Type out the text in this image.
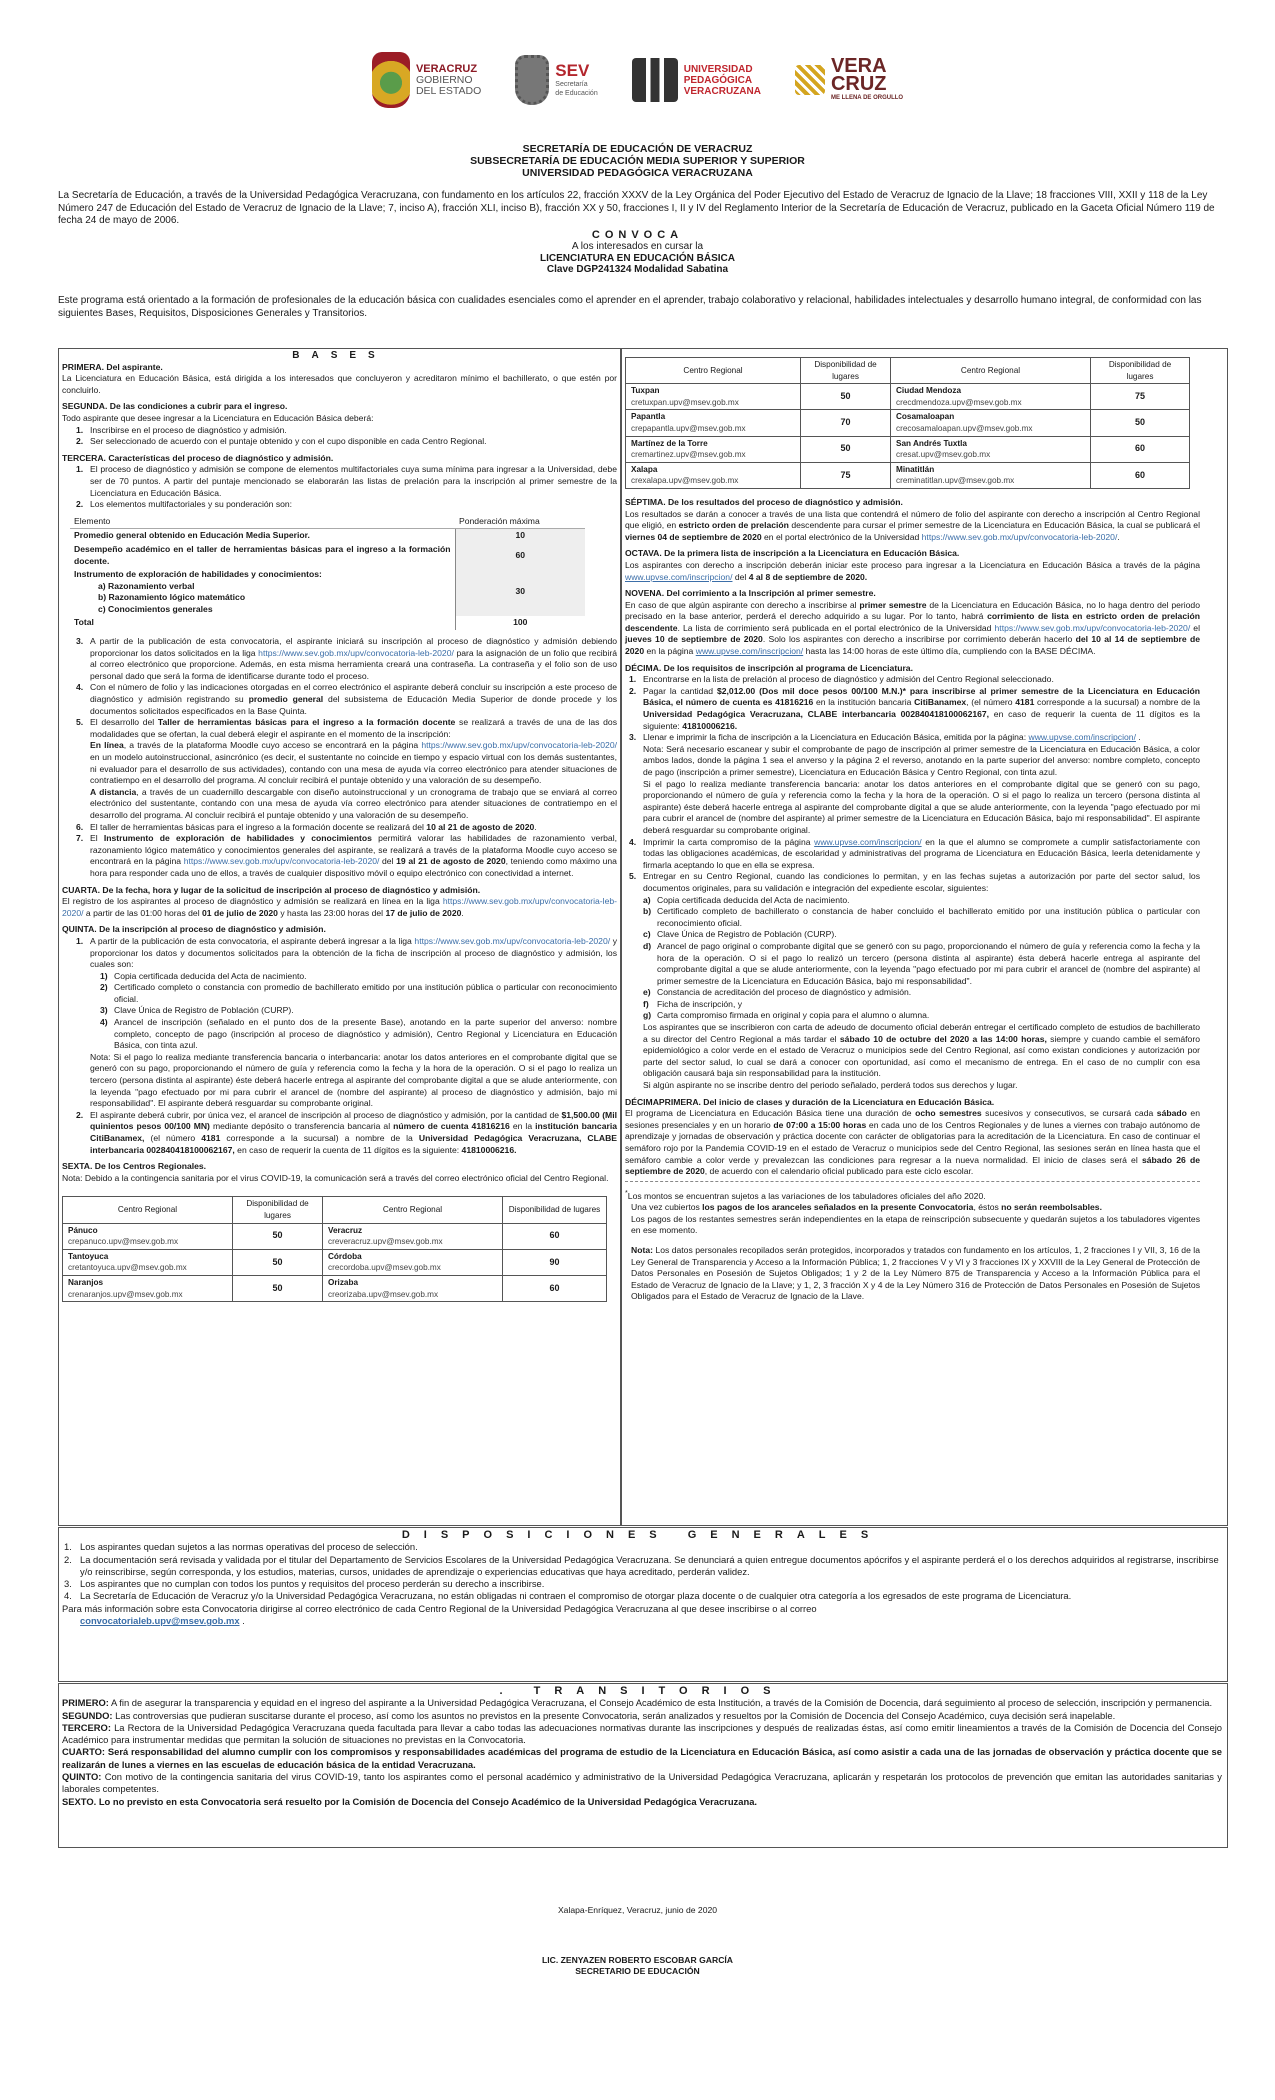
VERACRUZ
GOBIERNO
DEL ESTADO
SEV
Secretaría
de Educación
UNIVERSIDAD
PEDAGÓGICA
VERACRUZANA
VERA
CRUZ
ME LLENA DE ORGULLO
SECRETARÍA DE EDUCACIÓN DE VERACRUZ
SUBSECRETARÍA DE EDUCACIÓN MEDIA SUPERIOR Y SUPERIOR
UNIVERSIDAD PEDAGÓGICA VERACRUZANA

La Secretaría de Educación, a través de la Universidad Pedagógica Veracruzana, con fundamento en los artículos 22, fracción XXXV de la Ley Orgánica del Poder Ejecutivo del Estado de Veracruz de Ignacio de la Llave; 18 fracciones VIII, XXII y 118 de la Ley Número 247 de Educación del Estado de Veracruz de Ignacio de la Llave; 7, inciso A), fracción XLI, inciso B), fracción XX y 50, fracciones I, II y IV del Reglamento Interior de la Secretaría de Educación de Veracruz, publicado en la Gaceta Oficial Número 119 de fecha 24 de mayo de 2006.

CONVOCA
A los interesados en cursar la
LICENCIATURA EN EDUCACIÓN BÁSICA
Clave DGP241324 Modalidad Sabatina

Este programa está orientado a la formación de profesionales de la educación básica con cualidades esenciales como el aprender en el aprender, trabajo colaborativo y relacional, habilidades intelectuales y desarrollo humano integral, de conformidad con las siguientes Bases, Requisitos, Disposiciones Generales y Transitorios.

BASES
PRIMERA. Del aspirante.

La Licenciatura en Educación Básica, está dirigida a los interesados que concluyeron y acreditaron mínimo el bachillerato, o que estén por concluirlo.

SEGUNDA. De las condiciones a cubrir para el ingreso.

Todo aspirante que desee ingresar a la Licenciatura en Educación Básica deberá:

1. Inscribirse en el proceso de diagnóstico y admisión.
2. Ser seleccionado de acuerdo con el puntaje obtenido y con el cupo disponible en cada Centro Regional.
TERCERA. Características del proceso de diagnóstico y admisión.
1. El proceso de diagnóstico y admisión se compone de elementos multifactoriales cuya suma mínima para ingresar a la Universidad, debe ser de 70 puntos. A partir del puntaje mencionado se elaborarán las listas de prelación para la inscripción al primer semestre de la Licenciatura en Educación Básica.
2. Los elementos multifactoriales y su ponderación son:
Elemento	Ponderación máxima
Promedio general obtenido en Educación Media Superior.	10
Desempeño académico en el taller de herramientas básicas para el ingreso a la formación docente.	60

Instrumento de exploración de habilidades y conocimientos:
a) Razonamiento verbal
b) Razonamiento lógico matemático
c) Conocimientos generales	30
Total	100
3. A partir de la publicación de esta convocatoria, el aspirante iniciará su inscripción al proceso de diagnóstico y admisión debiendo proporcionar los datos solicitados en la liga https://www.sev.gob.mx/upv/convocatoria-leb-2020/ para la asignación de un folio que recibirá al correo electrónico que proporcione. Además, en esta misma herramienta creará una contraseña. La contraseña y el folio son de uso personal dado que será la forma de identificarse durante todo el proceso.
4. Con el número de folio y las indicaciones otorgadas en el correo electrónico el aspirante deberá concluir su inscripción a este proceso de diagnóstico y admisión registrando su promedio general del subsistema de Educación Media Superior de donde procede y los documentos solicitados especificados en la Base Quinta.
5. El desarrollo del Taller de herramientas básicas para el ingreso a la formación docente se realizará a través de una de las dos modalidades que se ofertan, la cual deberá elegir el aspirante en el momento de la inscripción:
En línea, a través de la plataforma Moodle cuyo acceso se encontrará en la página https://www.sev.gob.mx/upv/convocatoria-leb-2020/ en un modelo autoinstruccional, asincrónico (es decir, el sustentante no coincide en tiempo y espacio virtual con los demás sustentantes, ni evaluador para el desarrollo de sus actividades), contando con una mesa de ayuda vía correo electrónico para atender situaciones de contratiempo en el desarrollo del programa. Al concluir recibirá el puntaje obtenido y una valoración de su desempeño.
A distancia, a través de un cuadernillo descargable con diseño autoinstruccional y un cronograma de trabajo que se enviará al correo electrónico del sustentante, contando con una mesa de ayuda vía correo electrónico para atender situaciones de contratiempo en el desarrollo del programa. Al concluir recibirá el puntaje obtenido y una valoración de su desempeño.
6. El taller de herramientas básicas para el ingreso a la formación docente se realizará del 10 al 21 de agosto de 2020.
7. El Instrumento de exploración de habilidades y conocimientos permitirá valorar las habilidades de razonamiento verbal, razonamiento lógico matemático y conocimientos generales del aspirante, se realizará a través de la plataforma Moodle cuyo acceso se encontrará en la página https://www.sev.gob.mx/upv/convocatoria-leb-2020/ del 19 al 21 de agosto de 2020, teniendo como máximo una hora para responder cada uno de ellos, a través de cualquier dispositivo móvil o equipo electrónico con conectividad a internet.
CUARTA. De la fecha, hora y lugar de la solicitud de inscripción al proceso de diagnóstico y admisión.

El registro de los aspirantes al proceso de diagnóstico y admisión se realizará en línea en la liga https://www.sev.gob.mx/upv/convocatoria-leb-2020/ a partir de las 01:00 horas del 01 de julio de 2020 y hasta las 23:00 horas del 17 de julio de 2020.

QUINTA. De la inscripción al proceso de diagnóstico y admisión.
1. A partir de la publicación de esta convocatoria, el aspirante deberá ingresar a la liga https://www.sev.gob.mx/upv/convocatoria-leb-2020/ y proporcionar los datos y documentos solicitados para la obtención de la ficha de inscripción al proceso de diagnóstico y admisión, los cuales son:
1) Copia certificada deducida del Acta de nacimiento.
2) Certificado completo o constancia con promedio de bachillerato emitido por una institución pública o particular con reconocimiento oficial.
3) Clave Única de Registro de Población (CURP).
4) Arancel de inscripción (señalado en el punto dos de la presente Base), anotando en la parte superior del anverso: nombre completo, concepto de pago (inscripción al proceso de diagnóstico y admisión), Centro Regional y Licenciatura en Educación Básica, con tinta azul.

Nota: Si el pago lo realiza mediante transferencia bancaria o interbancaria: anotar los datos anteriores en el comprobante digital que se generó con su pago, proporcionando el número de guía y referencia como la fecha y la hora de la operación. O si el pago lo realiza un tercero (persona distinta al aspirante) éste deberá hacerle entrega al aspirante del comprobante digital a que se alude anteriormente, con la leyenda "pago efectuado por mi para cubrir el arancel de (nombre del aspirante) al proceso de diagnóstico y admisión, bajo mi responsabilidad". El aspirante deberá resguardar su comprobante original.

2. El aspirante deberá cubrir, por única vez, el arancel de inscripción al proceso de diagnóstico y admisión, por la cantidad de $1,500.00 (Mil quinientos pesos 00/100 MN) mediante depósito o transferencia bancaria al número de cuenta 41816216 en la institución bancaria CitiBanamex, (el número 4181 corresponde a la sucursal) a nombre de la Universidad Pedagógica Veracruzana, CLABE interbancaria 002840418100062167, en caso de requerir la cuenta de 11 dígitos es la siguiente: 41810006216.
SEXTA. De los Centros Regionales.

Nota: Debido a la contingencia sanitaria por el virus COVID-19, la comunicación será a través del correo electrónico oficial del Centro Regional.

Centro Regional	Disponibilidad de lugares	Centro Regional	Disponibilidad de lugares

Pánuco
crepanuco.upv@msev.gob.mx	50	Veracruz
creveracruz.upv@msev.gob.mx	60

Tantoyuca
cretantoyuca.upv@msev.gob.mx	50	Córdoba
crecordoba.upv@msev.gob.mx	90

Naranjos
crenaranjos.upv@msev.gob.mx	50	Orizaba
creorizaba.upv@msev.gob.mx	60
Centro Regional	Disponibilidad de lugares	Centro Regional	Disponibilidad de lugares

Tuxpan
cretuxpan.upv@msev.gob.mx	50	Ciudad Mendoza
crecdmendoza.upv@msev.gob.mx	75

Papantla
crepapantla.upv@msev.gob.mx	70	Cosamaloapan
crecosamaloapan.upv@msev.gob.mx	50

Martínez de la Torre
cremartinez.upv@msev.gob.mx	50	San Andrés Tuxtla
cresat.upv@msev.gob.mx	60

Xalapa
crexalapa.upv@msev.gob.mx	75	Minatitlán
creminatitlan.upv@msev.gob.mx	60
SÉPTIMA. De los resultados del proceso de diagnóstico y admisión.

Los resultados se darán a conocer a través de una lista que contendrá el número de folio del aspirante con derecho a inscripción al Centro Regional que eligió, en estricto orden de prelación descendente para cursar el primer semestre de la Licenciatura en Educación Básica, la cual se publicará el viernes 04 de septiembre de 2020 en el portal electrónico de la Universidad https://www.sev.gob.mx/upv/convocatoria-leb-2020/.

OCTAVA. De la primera lista de inscripción a la Licenciatura en Educación Básica.

Los aspirantes con derecho a inscripción deberán iniciar este proceso para ingresar a la Licenciatura en Educación Básica a través de la página www.upvse.com/inscripcion/ del 4 al 8 de septiembre de 2020.

NOVENA. Del corrimiento a la Inscripción al primer semestre.

En caso de que algún aspirante con derecho a inscribirse al primer semestre de la Licenciatura en Educación Básica, no lo haga dentro del periodo precisado en la base anterior, perderá el derecho adquirido a su lugar. Por lo tanto, habrá corrimiento de lista en estricto orden de prelación descendente. La lista de corrimiento será publicada en el portal electrónico de la Universidad https://www.sev.gob.mx/upv/convocatoria-leb-2020/ el jueves 10 de septiembre de 2020. Solo los aspirantes con derecho a inscribirse por corrimiento deberán hacerlo del 10 al 14 de septiembre de 2020 en la página www.upvse.com/inscripcion/ hasta las 14:00 horas de este último día, cumpliendo con la BASE DÉCIMA.

DÉCIMA. De los requisitos de inscripción al programa de Licenciatura.
1. Encontrarse en la lista de prelación al proceso de diagnóstico y admisión del Centro Regional seleccionado.
2. Pagar la cantidad $2,012.00 (Dos mil doce pesos 00/100 M.N.)* para inscribirse al primer semestre de la Licenciatura en Educación Básica, el número de cuenta es 41816216 en la institución bancaria CitiBanamex, (el número 4181 corresponde a la sucursal) a nombre de la Universidad Pedagógica Veracruzana, CLABE interbancaria 002840418100062167, en caso de requerir la cuenta de 11 dígitos es la siguiente: 41810006216.
3. Llenar e imprimir la ficha de inscripción a la Licenciatura en Educación Básica, emitida por la página: www.upvse.com/inscripcion/ .
Nota: Será necesario escanear y subir el comprobante de pago de inscripción al primer semestre de la Licenciatura en Educación Básica, a color ambos lados, donde la página 1 sea el anverso y la página 2 el reverso, anotando en la parte superior del anverso: nombre completo, concepto de pago (inscripción a primer semestre), Licenciatura en Educación Básica y Centro Regional, con tinta azul.
Si el pago lo realiza mediante transferencia bancaria: anotar los datos anteriores en el comprobante digital que se generó con su pago, proporcionando el número de guía y referencia como la fecha y la hora de la operación. O si el pago lo realiza un tercero (persona distinta al aspirante) éste deberá hacerle entrega al aspirante del comprobante digital a que se alude anteriormente, con la leyenda "pago efectuado por mi para cubrir el arancel de (nombre del aspirante) al primer semestre de la Licenciatura en Educación Básica, bajo mi responsabilidad". El aspirante deberá resguardar su comprobante original.
4. Imprimir la carta compromiso de la página www.upvse.com/inscripcion/ en la que el alumno se compromete a cumplir satisfactoriamente con todas las obligaciones académicas, de escolaridad y administrativas del programa de Licenciatura en Educación Básica, leerla detenidamente y firmarla aceptando lo que en ella se expresa.
5. Entregar en su Centro Regional, cuando las condiciones lo permitan, y en las fechas sujetas a autorización por parte del sector salud, los documentos originales, para su validación e integración del expediente escolar, siguientes:
a) Copia certificada deducida del Acta de nacimiento.
b) Certificado completo de bachillerato o constancia de haber concluido el bachillerato emitido por una institución pública o particular con reconocimiento oficial.
c) Clave Única de Registro de Población (CURP).
d) Arancel de pago original o comprobante digital que se generó con su pago, proporcionando el número de guía y referencia como la fecha y la hora de la operación. O si el pago lo realizó un tercero (persona distinta al aspirante) ésta deberá hacerle entrega al aspirante del comprobante digital a que se alude anteriormente, con la leyenda "pago efectuado por mi para cubrir el arancel de (nombre del aspirante) al primer semestre de la Licenciatura en Educación Básica, bajo mi responsabilidad".
e) Constancia de acreditación del proceso de diagnóstico y admisión.
f) Ficha de inscripción, y
g) Carta compromiso firmada en original y copia para el alumno o alumna.

Los aspirantes que se inscribieron con carta de adeudo de documento oficial deberán entregar el certificado completo de estudios de bachillerato a su director del Centro Regional a más tardar el sábado 10 de octubre del 2020 a las 14:00 horas, siempre y cuando cambie el semáforo epidemiológico a color verde en el estado de Veracruz o municipios sede del Centro Regional, así como existan condiciones y autorización por parte del sector salud, lo cual se dará a conocer con oportunidad, así como el mecanismo de entrega. En el caso de no cumplir con esa obligación causará baja sin responsabilidad para la institución.

Si algún aspirante no se inscribe dentro del periodo señalado, perderá todos sus derechos y lugar.

DÉCIMAPRIMERA. Del inicio de clases y duración de la Licenciatura en Educación Básica.

El programa de Licenciatura en Educación Básica tiene una duración de ocho semestres sucesivos y consecutivos, se cursará cada sábado en sesiones presenciales y en un horario de 07:00 a 15:00 horas en cada uno de los Centros Regionales y de lunes a viernes con trabajo autónomo de aprendizaje y jornadas de observación y práctica docente con carácter de obligatorias para la acreditación de la Licenciatura. En caso de continuar el semáforo rojo por la Pandemia COVID-19 en el estado de Veracruz o municipios sede del Centro Regional, las sesiones serán en línea hasta que el semáforo cambie a color verde y prevalezcan las condiciones para regresar a la nueva normalidad. El inicio de clases será el sábado 26 de septiembre de 2020, de acuerdo con el calendario oficial publicado para este ciclo escolar.

*Los montos se encuentran sujetos a las variaciones de los tabuladores oficiales del año 2020.
Una vez cubiertos los pagos de los aranceles señalados en la presente Convocatoria, éstos no serán reembolsables.
Los pagos de los restantes semestres serán independientes en la etapa de reinscripción subsecuente y quedarán sujetos a los tabuladores vigentes en ese momento.

Nota: Los datos personales recopilados serán protegidos, incorporados y tratados con fundamento en los artículos, 1, 2 fracciones I y VII, 3, 16 de la Ley General de Transparencia y Acceso a la Información Pública; 1, 2 fracciones V y VI y 3 fracciones IX y XXVIII de la Ley General de Protección de Datos Personales en Posesión de Sujetos Obligados; 1 y 2 de la Ley Número 875 de Transparencia y Acceso a la Información Pública para el Estado de Veracruz de Ignacio de la Llave; y 1, 2, 3 fracción X y 4 de la Ley Número 316 de Protección de Datos Personales en Posesión de Sujetos Obligados para el Estado de Veracruz de Ignacio de la Llave.

DISPOSICIONES GENERALES
1. Los aspirantes quedan sujetos a las normas operativas del proceso de selección.
2. La documentación será revisada y validada por el titular del Departamento de Servicios Escolares de la Universidad Pedagógica Veracruzana. Se denunciará a quien entregue documentos apócrifos y el aspirante perderá el o los derechos adquiridos al registrarse, inscribirse y/o reinscribirse, según corresponda, y los estudios, materias, cursos, unidades de aprendizaje o experiencias educativas que haya acreditado, perderán validez.
3. Los aspirantes que no cumplan con todos los puntos y requisitos del proceso perderán su derecho a inscribirse.
4. La Secretaría de Educación de Veracruz y/o la Universidad Pedagógica Veracruzana, no están obligadas ni contraen el compromiso de otorgar plaza docente o de cualquier otra categoría a los egresados de este programa de Licenciatura.

Para más información sobre esta Convocatoria dirigirse al correo electrónico de cada Centro Regional de la Universidad Pedagógica Veracruzana al que desee inscribirse o al correo
convocatorialeb.upv@msev.gob.mx .

. TRANSITORIOS

PRIMERO: A fin de asegurar la transparencia y equidad en el ingreso del aspirante a la Universidad Pedagógica Veracruzana, el Consejo Académico de esta Institución, a través de la Comisión de Docencia, dará seguimiento al proceso de selección, inscripción y permanencia.

SEGUNDO: Las controversias que pudieran suscitarse durante el proceso, así como los asuntos no previstos en la presente Convocatoria, serán analizados y resueltos por la Comisión de Docencia del Consejo Académico, cuya decisión será inapelable.

TERCERO: La Rectora de la Universidad Pedagógica Veracruzana queda facultada para llevar a cabo todas las adecuaciones normativas durante las inscripciones y después de realizadas éstas, así como emitir lineamientos a través de la Comisión de Docencia del Consejo Académico para instrumentar medidas que permitan la solución de situaciones no previstas en la Convocatoria.

CUARTO: Será responsabilidad del alumno cumplir con los compromisos y responsabilidades académicas del programa de estudio de la Licenciatura en Educación Básica, así como asistir a cada una de las jornadas de observación y práctica docente que se realizarán de lunes a viernes en las escuelas de educación básica de la entidad Veracruzana.

QUINTO: Con motivo de la contingencia sanitaria del virus COVID-19, tanto los aspirantes como el personal académico y administrativo de la Universidad Pedagógica Veracruzana, aplicarán y respetarán los protocolos de prevención que emitan las autoridades sanitarias y laborales competentes.

SEXTO. Lo no previsto en esta Convocatoria será resuelto por la Comisión de Docencia del Consejo Académico de la Universidad Pedagógica Veracruzana.

Xalapa-Enríquez, Veracruz, junio de 2020
LIC. ZENYAZEN ROBERTO ESCOBAR GARCÍA
SECRETARIO DE EDUCACIÓN
